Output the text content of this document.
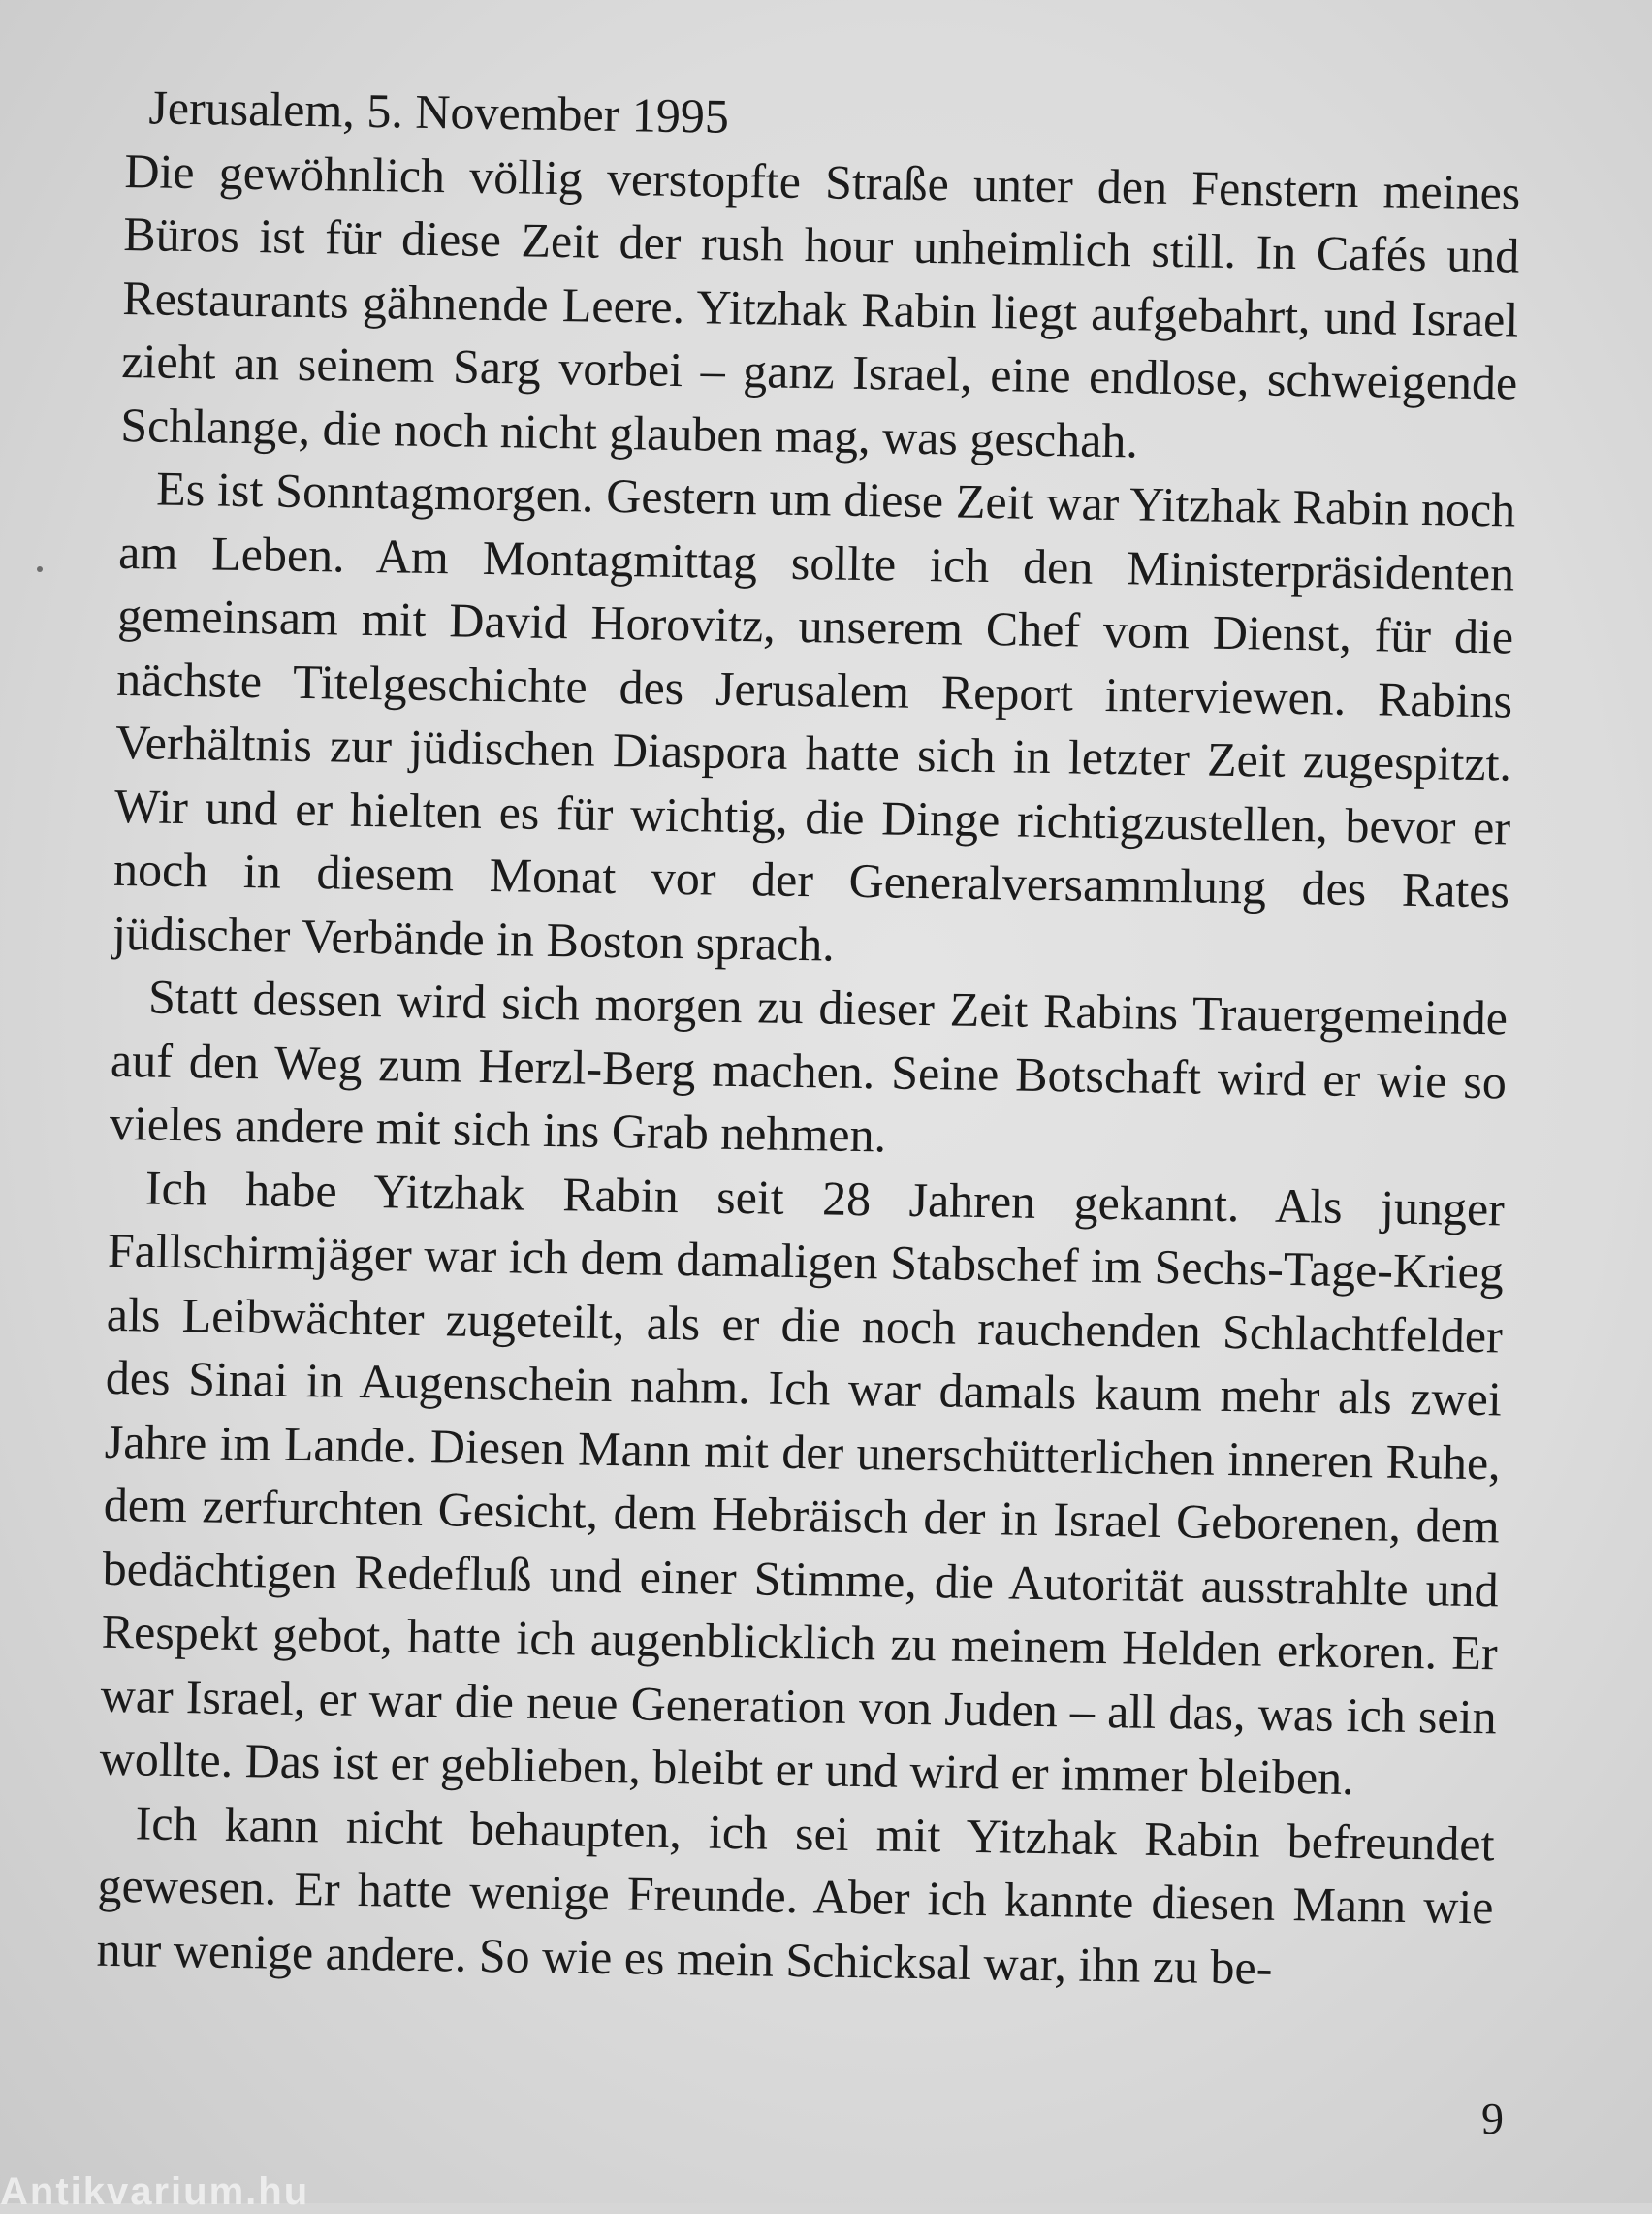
Jerusalem, 5. November 1995

Die gewöhnlich völlig verstopfte Straße unter den Fenstern meines Büros ist für diese Zeit der rush hour unheimlich still. In Cafés und Restaurants gähnende Leere. Yitzhak Rabin liegt aufgebahrt, und Israel zieht an seinem Sarg vorbei – ganz Israel, eine endlose, schweigende Schlange, die noch nicht glauben mag, was geschah.

Es ist Sonntagmorgen. Gestern um diese Zeit war Yitzhak Rabin noch am Leben. Am Montagmittag sollte ich den Ministerpräsidenten gemeinsam mit David Horovitz, unserem Chef vom Dienst, für die nächste Titelgeschichte des Jerusalem Report interviewen. Rabins Verhältnis zur jüdischen Diaspora hatte sich in letzter Zeit zugespitzt. Wir und er hielten es für wichtig, die Dinge richtigzustellen, bevor er noch in diesem Monat vor der Generalversammlung des Rates jüdischer Verbände in Boston sprach.

Statt dessen wird sich morgen zu dieser Zeit Rabins Trauergemeinde auf den Weg zum Herzl-Berg machen. Seine Botschaft wird er wie so vieles andere mit sich ins Grab nehmen.

Ich habe Yitzhak Rabin seit 28 Jahren gekannt. Als junger Fallschirmjäger war ich dem damaligen Stabschef im Sechs-Tage-Krieg als Leibwächter zugeteilt, als er die noch rauchenden Schlachtfelder des Sinai in Augenschein nahm. Ich war damals kaum mehr als zwei Jahre im Lande. Diesen Mann mit der unerschütterlichen inneren Ruhe, dem zerfurchten Gesicht, dem Hebräisch der in Israel Geborenen, dem bedächtigen Redefluß und einer Stimme, die Autorität ausstrahlte und Respekt gebot, hatte ich augenblicklich zu meinem Helden erkoren. Er war Israel, er war die neue Generation von Juden – all das, was ich sein wollte. Das ist er geblieben, bleibt er und wird er immer bleiben.

Ich kann nicht behaupten, ich sei mit Yitzhak Rabin befreundet gewesen. Er hatte wenige Freunde. Aber ich kannte diesen Mann wie nur wenige andere. So wie es mein Schicksal war, ihn zu be-

9
Antikvarium.hu
